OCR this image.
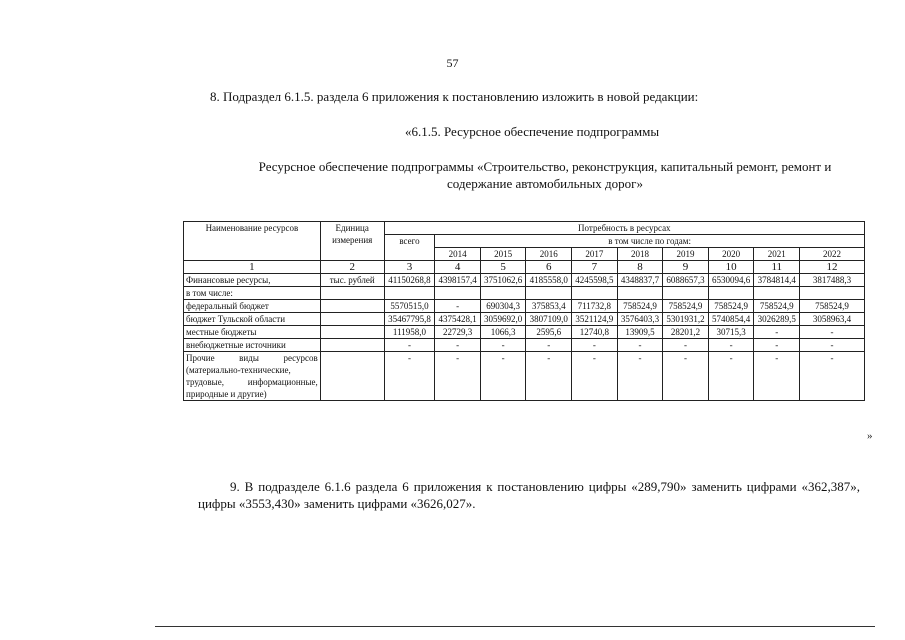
57
8. Подраздел 6.1.5. раздела 6 приложения к постановлению изложить в новой редакции:
«6.1.5. Ресурсное обеспечение подпрограммы
Ресурсное обеспечение подпрограммы «Строительство, реконструкция, капитальный ремонт, ремонт и содержание автомобильных дорог»
Наименование ресурсов	Единица измерения	Потребность в ресурсах									
		всего	в том числе по годам:								
			2014	2015	2016	2017	2018	2019	2020	2021	2022
1	2	3	4	5	6	7	8	9	10	11	12
Финансовые ресурсы,	тыс. рублей	41150268,8	4398157,4	3751062,6	4185558,0	4245598,5	4348837,7	6088657,3	6530094,6	3784814,4	3817488,3
в том числе:											
федеральный бюджет		5570515,0	-	690304,3	375853,4	711732,8	758524,9	758524,9	758524,9	758524,9	758524,9
бюджет Тульской области		35467795,8	4375428,1	3059692,0	3807109,0	3521124,9	3576403,3	5301931,2	5740854,4	3026289,5	3058963,4
местные бюджеты		111958,0	22729,3	1066,3	2595,6	12740,8	13909,5	28201,2	30715,3	-	-
внебюджетные источники		-	-	-	-	-	-	-	-	-	-
Прочие виды ресурсов (материально-технические, трудовые, информационные, природные и другие)		-	-	-	-	-	-	-	-	-	-
»
9. В подразделе 6.1.6 раздела 6 приложения к постановлению цифры «289,790» заменить цифрами «362,387», цифры «3553,430» заменить цифрами «3626,027».
